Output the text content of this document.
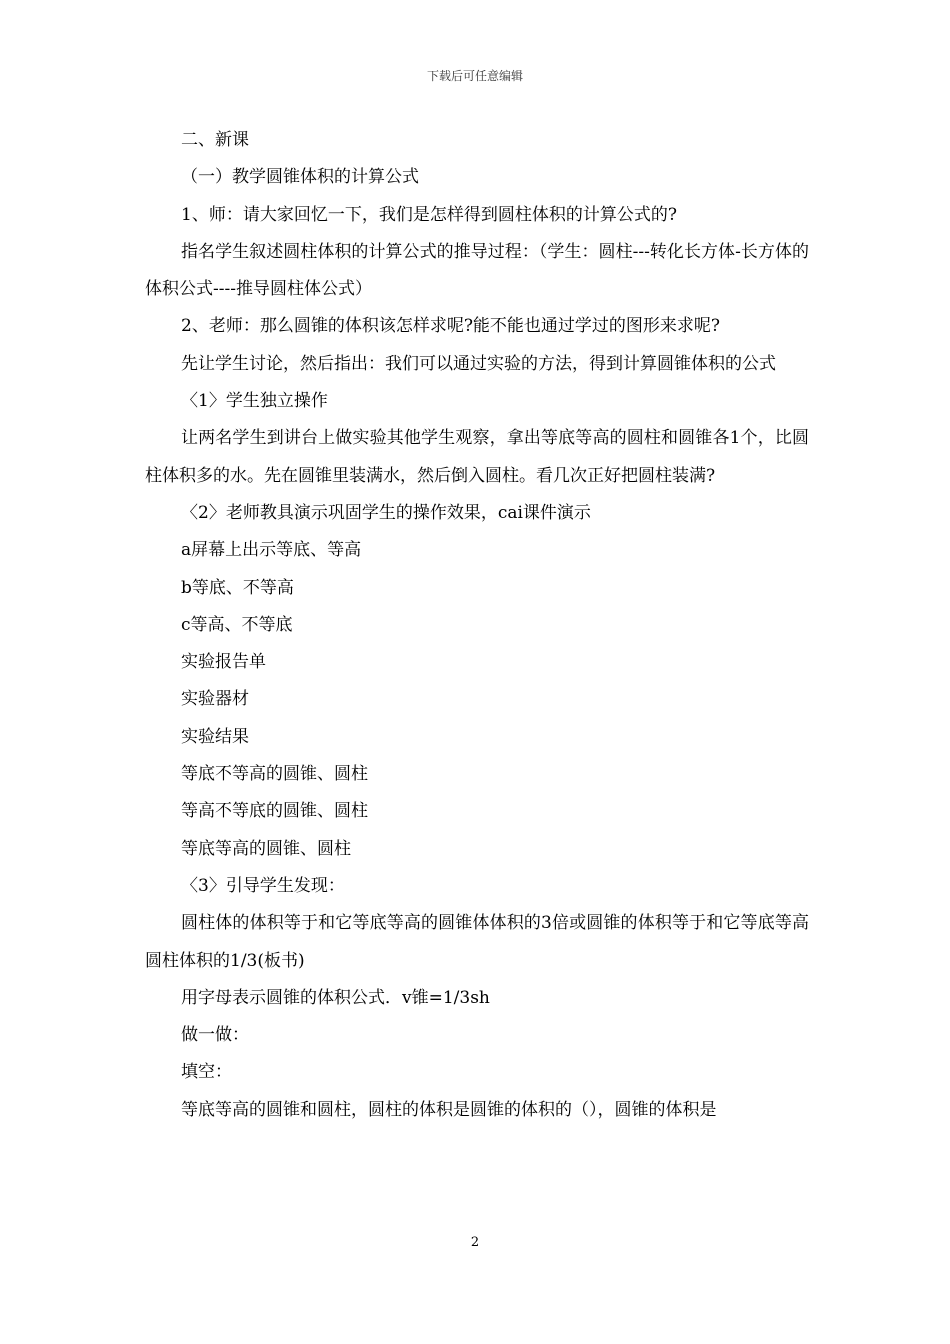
下载后可任意编辑

二、新课

（一）教学圆锥体积的计算公式

1、师：请大家回忆一下，我们是怎样得到圆柱体积的计算公式的?

指名学生叙述圆柱体积的计算公式的推导过程：（学生：圆柱---转化长方体-长方体的体积公式----推导圆柱体公式）

2、老师：那么圆锥的体积该怎样求呢?能不能也通过学过的图形来求呢?

先让学生讨论，然后指出：我们可以通过实验的方法，得到计算圆锥体积的公式

〈1〉学生独立操作

让两名学生到讲台上做实验其他学生观察，拿出等底等高的圆柱和圆锥各1个，比圆柱体积多的水。先在圆锥里装满水，然后倒入圆柱。看几次正好把圆柱装满?

〈2〉老师教具演示巩固学生的操作效果，cai课件演示

a屏幕上出示等底、等高

b等底、不等高

c等高、不等底

实验报告单

实验器材

实验结果

等底不等高的圆锥、圆柱

等高不等底的圆锥、圆柱

等底等高的圆锥、圆柱

〈3〉引导学生发现：

圆柱体的体积等于和它等底等高的圆锥体体积的3倍或圆锥的体积等于和它等底等高圆柱体积的1/3(板书)

用字母表示圆锥的体积公式．v锥=1/3sh

做一做：

填空：

等底等高的圆锥和圆柱，圆柱的体积是圆锥的体积的（），圆锥的体积是

2
